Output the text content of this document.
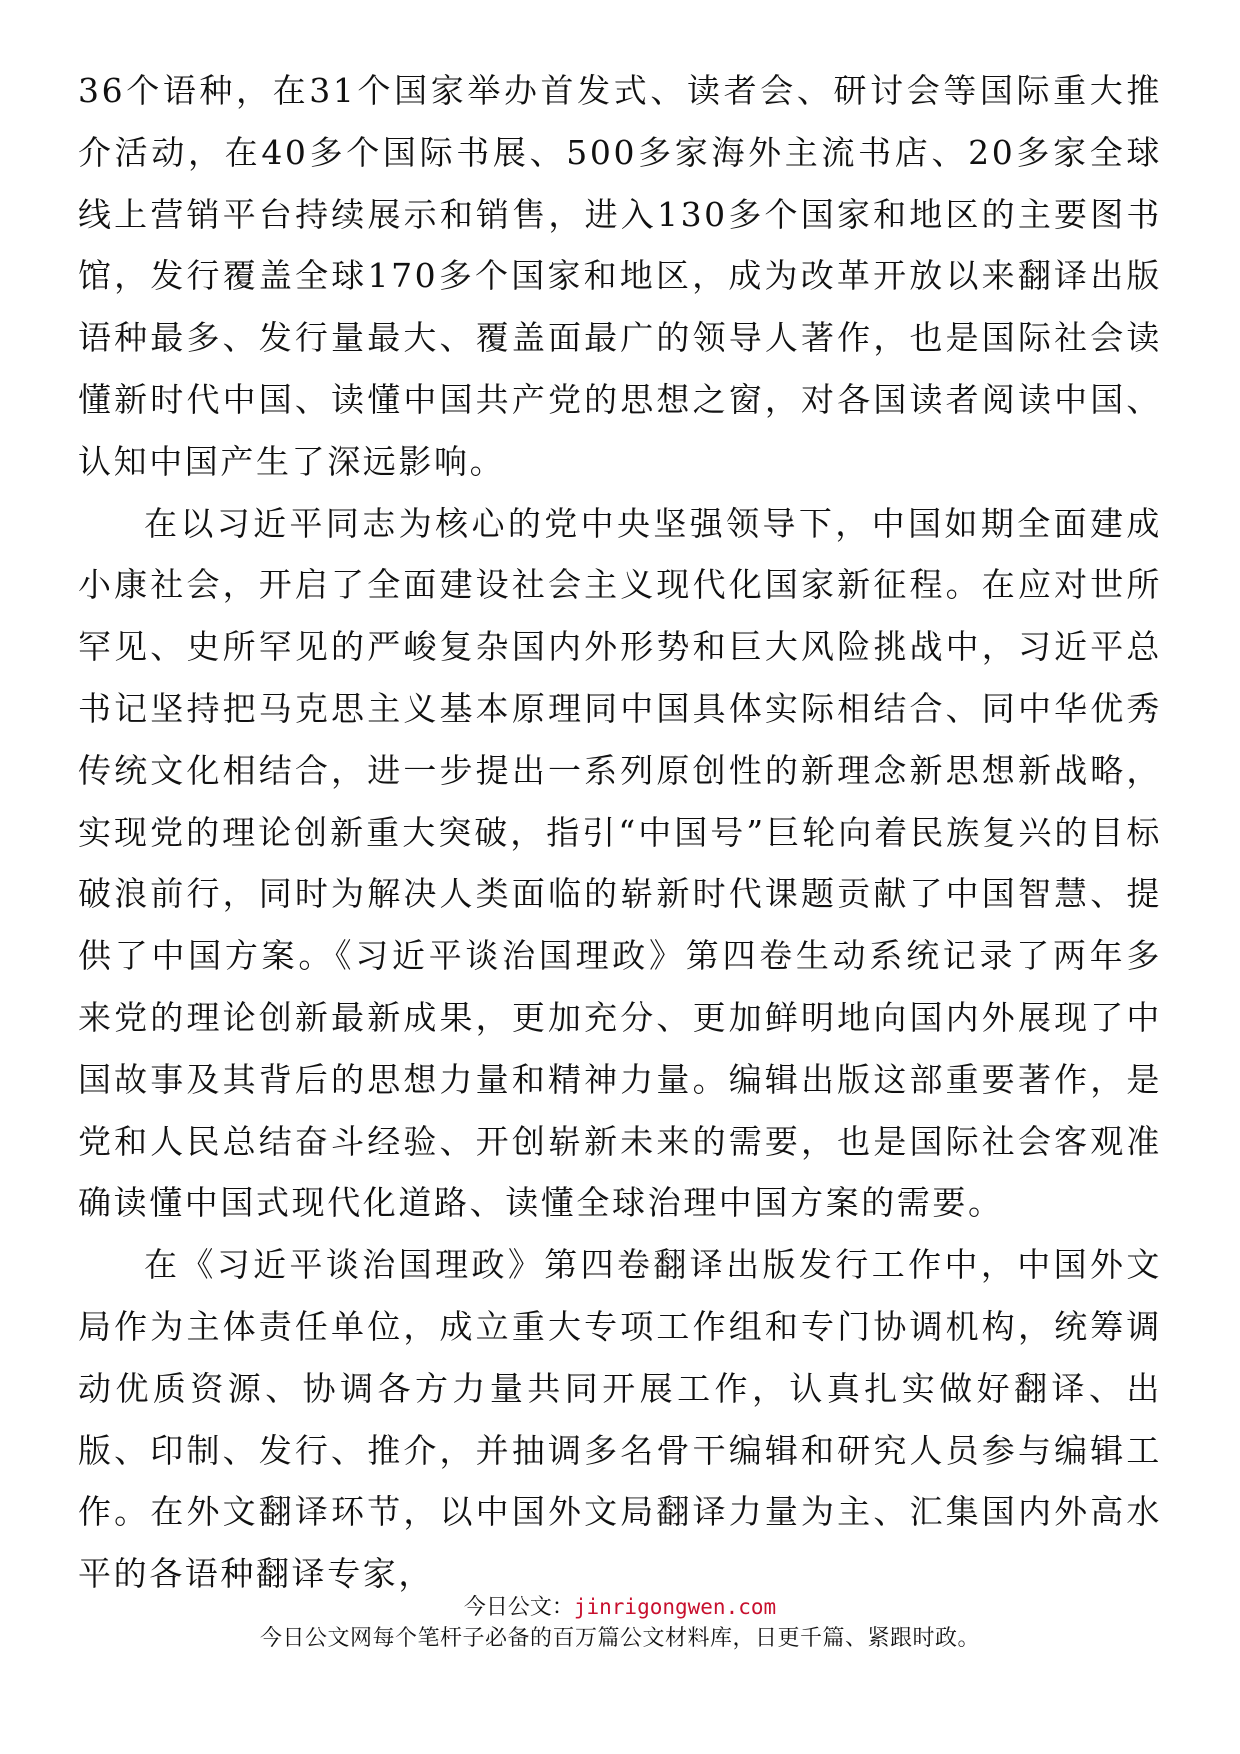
36个语种，在31个国家举办首发式、读者会、研讨会等国际重大推介活动，在40多个国际书展、500多家海外主流书店、20多家全球线上营销平台持续展示和销售，进入130多个国家和地区的主要图书馆，发行覆盖全球170多个国家和地区，成为改革开放以来翻译出版语种最多、发行量最大、覆盖面最广的领导人著作，也是国际社会读懂新时代中国、读懂中国共产党的思想之窗，对各国读者阅读中国、认知中国产生了深远影响。

在以习近平同志为核心的党中央坚强领导下，中国如期全面建成小康社会，开启了全面建设社会主义现代化国家新征程。在应对世所罕见、史所罕见的严峻复杂国内外形势和巨大风险挑战中，习近平总书记坚持把马克思主义基本原理同中国具体实际相结合、同中华优秀传统文化相结合，进一步提出一系列原创性的新理念新思想新战略，实现党的理论创新重大突破，指引“中国号”巨轮向着民族复兴的目标破浪前行，同时为解决人类面临的崭新时代课题贡献了中国智慧、提供了中国方案。《习近平谈治国理政》第四卷生动系统记录了两年多来党的理论创新最新成果，更加充分、更加鲜明地向国内外展现了中国故事及其背后的思想力量和精神力量。编辑出版这部重要著作，是党和人民总结奋斗经验、开创崭新未来的需要，也是国际社会客观准确读懂中国式现代化道路、读懂全球治理中国方案的需要。

在《习近平谈治国理政》第四卷翻译出版发行工作中，中国外文局作为主体责任单位，成立重大专项工作组和专门协调机构，统筹调动优质资源、协调各方力量共同开展工作，认真扎实做好翻译、出版、印制、发行、推介，并抽调多名骨干编辑和研究人员参与编辑工作。在外文翻译环节，以中国外文局翻译力量为主、汇集国内外高水平的各语种翻译专家，

今日公文：jinrigongwen.com
今日公文网每个笔杆子必备的百万篇公文材料库，日更千篇、紧跟时政。
